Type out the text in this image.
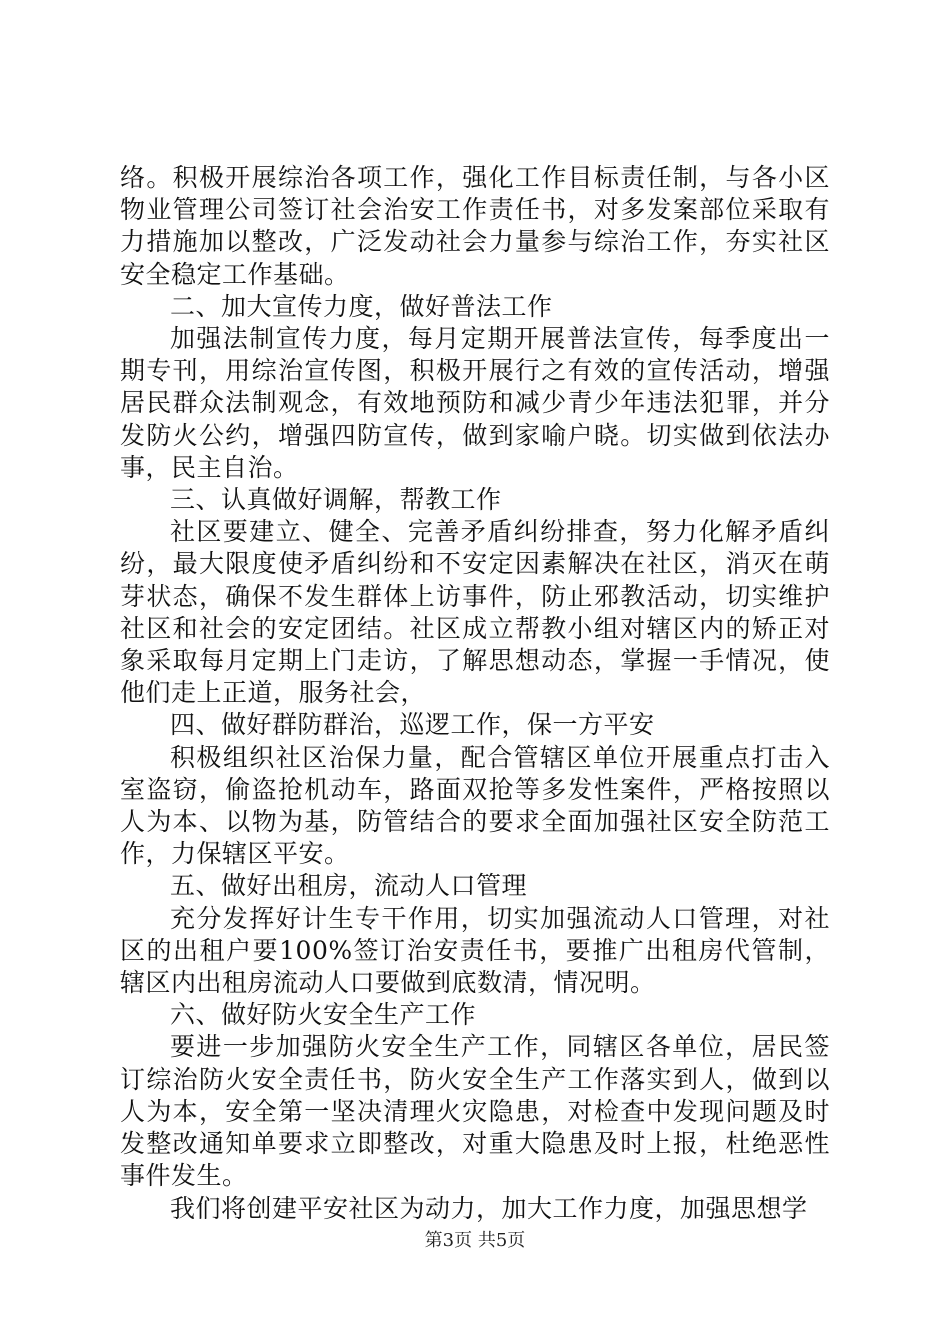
络。积极开展综治各项工作，强化工作目标责任制，与各小区物业管理公司签订社会治安工作责任书，对多发案部位采取有力措施加以整改，广泛发动社会力量参与综治工作，夯实社区安全稳定工作基础。

二、加大宣传力度，做好普法工作

加强法制宣传力度，每月定期开展普法宣传，每季度出一期专刊，用综治宣传图，积极开展行之有效的宣传活动，增强居民群众法制观念，有效地预防和减少青少年违法犯罪，并分发防火公约，增强四防宣传，做到家喻户晓。切实做到依法办事，民主自治。

三、认真做好调解，帮教工作

社区要建立、健全、完善矛盾纠纷排查，努力化解矛盾纠纷，最大限度使矛盾纠纷和不安定因素解决在社区，消灭在萌芽状态，确保不发生群体上访事件，防止邪教活动，切实维护社区和社会的安定团结。社区成立帮教小组对辖区内的矫正对象采取每月定期上门走访，了解思想动态，掌握一手情况，使他们走上正道，服务社会，

四、做好群防群治，巡逻工作，保一方平安

积极组织社区治保力量，配合管辖区单位开展重点打击入室盗窃，偷盗抢机动车，路面双抢等多发性案件，严格按照以人为本、以物为基，防管结合的要求全面加强社区安全防范工作，力保辖区平安。

五、做好出租房，流动人口管理

充分发挥好计生专干作用，切实加强流动人口管理，对社区的出租户要100%签订治安责任书，要推广出租房代管制，辖区内出租房流动人口要做到底数清，情况明。

六、做好防火安全生产工作

要进一步加强防火安全生产工作，同辖区各单位，居民签订综治防火安全责任书，防火安全生产工作落实到人，做到以人为本，安全第一坚决清理火灾隐患，对检查中发现问题及时发整改通知单要求立即整改，对重大隐患及时上报，杜绝恶性事件发生。

我们将创建平安社区为动力，加大工作力度，加强思想学

第3页 共5页
